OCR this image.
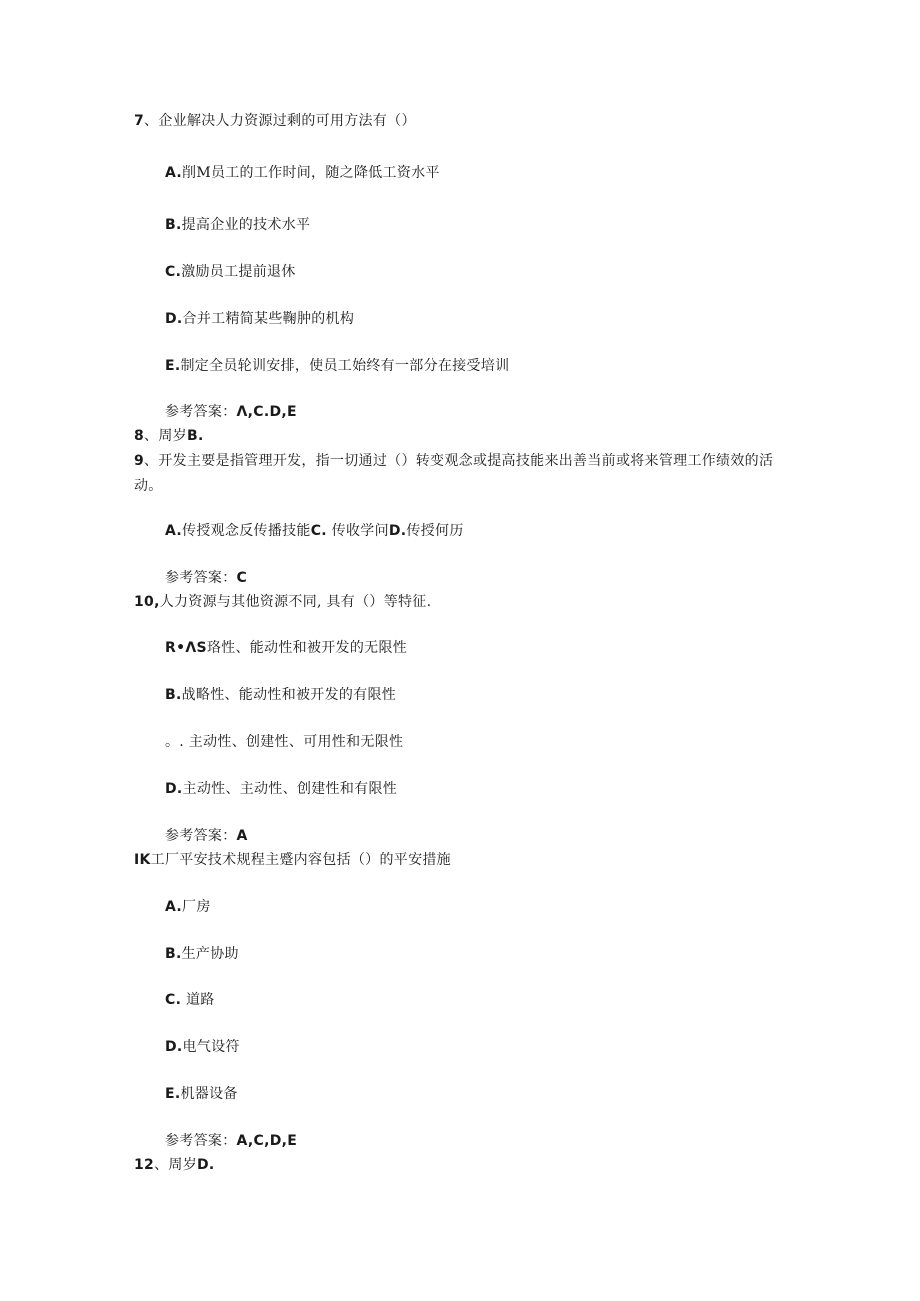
7、企业解决人力资源过剩的可用方法有（）
A.削M员工的工作时间，随之降低工资水平
B.提高企业的技术水平
C.激励员工提前退休
D.合并工精简某些鞠肿的机构
E.制定全员轮训安排，使员工始终有一部分在接受培训
参考答案：Λ,C.D,E
8、周岁B.
9、开发主要是指管理开发，指一切通过（）转变观念或提高技能来出善当前或将来管理工作绩效的活动。
A.传授观念反传播技能C. 传收学问D.传授何历
参考答案：C
10,人力资源与其他资源不同, 具有（）等特征.
R•ΛS珞性、能动性和被开发的无限性
B.战略性、能动性和被开发的有限性
。. 主动性、创建性、可用性和无限性
D.主动性、主动性、创建性和有限性
参考答案：A
IK工厂平安技术规程主蹙内容包括（）的平安措施
A.厂房
B.生产协助
C. 道路
D.电气设符
E.机器设备
参考答案：A,C,D,E
12、周岁D.
